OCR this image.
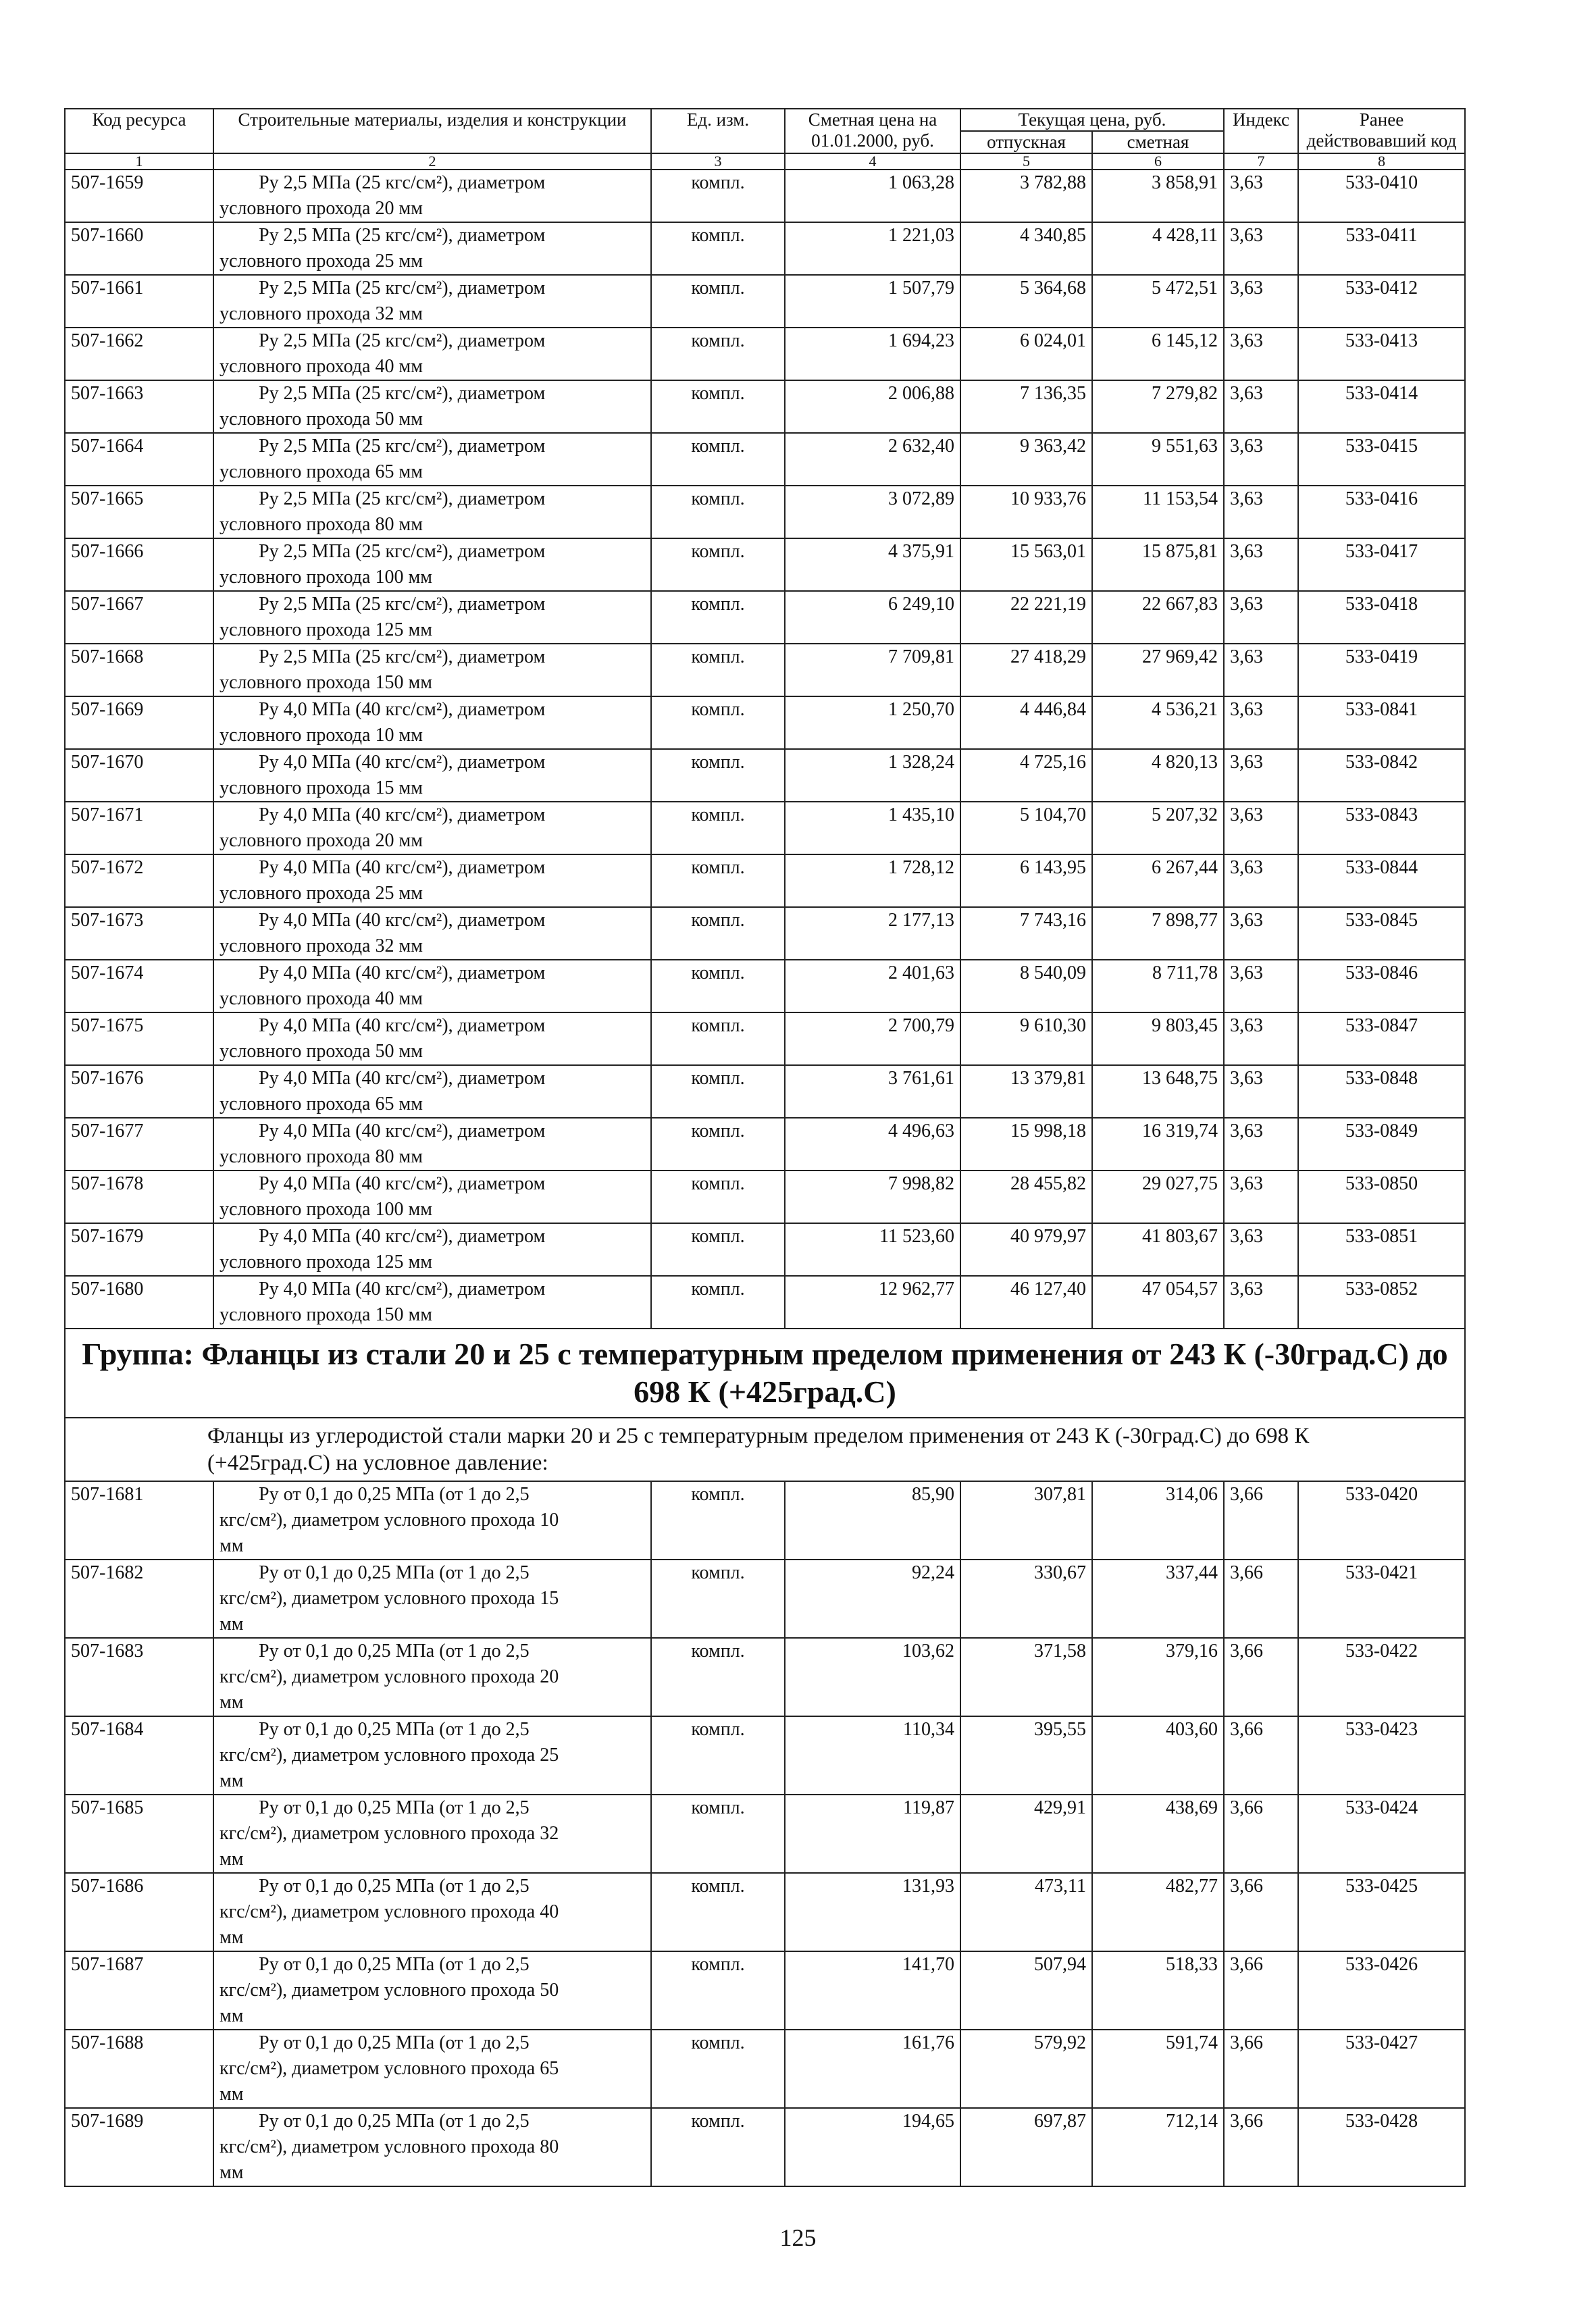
Код ресурса	Строительные материалы, изделия и конструкции	Ед. изм.	Сметная цена на 01.01.2000, руб.	Текущая цена, руб.		Индекс	Ранее действовавший код
				отпускная	сметная		
1	2	3	4	5	6	7	8
507-1659	Ру 2,5 МПа (25 кгс/см²), диаметром
условного прохода 20 мм	компл.	1 063,28	3 782,88	3 858,91	3,63	533-0410
507-1660	Ру 2,5 МПа (25 кгс/см²), диаметром
условного прохода 25 мм	компл.	1 221,03	4 340,85	4 428,11	3,63	533-0411
507-1661	Ру 2,5 МПа (25 кгс/см²), диаметром
условного прохода 32 мм	компл.	1 507,79	5 364,68	5 472,51	3,63	533-0412
507-1662	Ру 2,5 МПа (25 кгс/см²), диаметром
условного прохода 40 мм	компл.	1 694,23	6 024,01	6 145,12	3,63	533-0413
507-1663	Ру 2,5 МПа (25 кгс/см²), диаметром
условного прохода 50 мм	компл.	2 006,88	7 136,35	7 279,82	3,63	533-0414
507-1664	Ру 2,5 МПа (25 кгс/см²), диаметром
условного прохода 65 мм	компл.	2 632,40	9 363,42	9 551,63	3,63	533-0415
507-1665	Ру 2,5 МПа (25 кгс/см²), диаметром
условного прохода 80 мм	компл.	3 072,89	10 933,76	11 153,54	3,63	533-0416
507-1666	Ру 2,5 МПа (25 кгс/см²), диаметром
условного прохода 100 мм	компл.	4 375,91	15 563,01	15 875,81	3,63	533-0417
507-1667	Ру 2,5 МПа (25 кгс/см²), диаметром
условного прохода 125 мм	компл.	6 249,10	22 221,19	22 667,83	3,63	533-0418
507-1668	Ру 2,5 МПа (25 кгс/см²), диаметром
условного прохода 150 мм	компл.	7 709,81	27 418,29	27 969,42	3,63	533-0419
507-1669	Ру 4,0 МПа (40 кгс/см²), диаметром
условного прохода 10 мм	компл.	1 250,70	4 446,84	4 536,21	3,63	533-0841
507-1670	Ру 4,0 МПа (40 кгс/см²), диаметром
условного прохода 15 мм	компл.	1 328,24	4 725,16	4 820,13	3,63	533-0842
507-1671	Ру 4,0 МПа (40 кгс/см²), диаметром
условного прохода 20 мм	компл.	1 435,10	5 104,70	5 207,32	3,63	533-0843
507-1672	Ру 4,0 МПа (40 кгс/см²), диаметром
условного прохода 25 мм	компл.	1 728,12	6 143,95	6 267,44	3,63	533-0844
507-1673	Ру 4,0 МПа (40 кгс/см²), диаметром
условного прохода 32 мм	компл.	2 177,13	7 743,16	7 898,77	3,63	533-0845
507-1674	Ру 4,0 МПа (40 кгс/см²), диаметром
условного прохода 40 мм	компл.	2 401,63	8 540,09	8 711,78	3,63	533-0846
507-1675	Ру 4,0 МПа (40 кгс/см²), диаметром
условного прохода 50 мм	компл.	2 700,79	9 610,30	9 803,45	3,63	533-0847
507-1676	Ру 4,0 МПа (40 кгс/см²), диаметром
условного прохода 65 мм	компл.	3 761,61	13 379,81	13 648,75	3,63	533-0848
507-1677	Ру 4,0 МПа (40 кгс/см²), диаметром
условного прохода 80 мм	компл.	4 496,63	15 998,18	16 319,74	3,63	533-0849
507-1678	Ру 4,0 МПа (40 кгс/см²), диаметром
условного прохода 100 мм	компл.	7 998,82	28 455,82	29 027,75	3,63	533-0850
507-1679	Ру 4,0 МПа (40 кгс/см²), диаметром
условного прохода 125 мм	компл.	11 523,60	40 979,97	41 803,67	3,63	533-0851
507-1680	Ру 4,0 МПа (40 кгс/см²), диаметром
условного прохода 150 мм	компл.	12 962,77	46 127,40	47 054,57	3,63	533-0852
Группа: Фланцы из стали 20 и 25 с температурным пределом применения от 243 К (-30град.С) до 698 К (+425град.С)							
Фланцы из углеродистой стали марки 20 и 25 с температурным пределом применения от 243 К (-30град.С) до 698 К (+425град.С) на условное давление:							
507-1681	Ру от 0,1 до 0,25 МПа (от 1 до 2,5
кгс/см²), диаметром условного прохода 10
мм	компл.	85,90	307,81	314,06	3,66	533-0420
507-1682	Ру от 0,1 до 0,25 МПа (от 1 до 2,5
кгс/см²), диаметром условного прохода 15
мм	компл.	92,24	330,67	337,44	3,66	533-0421
507-1683	Ру от 0,1 до 0,25 МПа (от 1 до 2,5
кгс/см²), диаметром условного прохода 20
мм	компл.	103,62	371,58	379,16	3,66	533-0422
507-1684	Ру от 0,1 до 0,25 МПа (от 1 до 2,5
кгс/см²), диаметром условного прохода 25
мм	компл.	110,34	395,55	403,60	3,66	533-0423
507-1685	Ру от 0,1 до 0,25 МПа (от 1 до 2,5
кгс/см²), диаметром условного прохода 32
мм	компл.	119,87	429,91	438,69	3,66	533-0424
507-1686	Ру от 0,1 до 0,25 МПа (от 1 до 2,5
кгс/см²), диаметром условного прохода 40
мм	компл.	131,93	473,11	482,77	3,66	533-0425
507-1687	Ру от 0,1 до 0,25 МПа (от 1 до 2,5
кгс/см²), диаметром условного прохода 50
мм	компл.	141,70	507,94	518,33	3,66	533-0426
507-1688	Ру от 0,1 до 0,25 МПа (от 1 до 2,5
кгс/см²), диаметром условного прохода 65
мм	компл.	161,76	579,92	591,74	3,66	533-0427
507-1689	Ру от 0,1 до 0,25 МПа (от 1 до 2,5
кгс/см²), диаметром условного прохода 80
мм	компл.	194,65	697,87	712,14	3,66	533-0428
125
